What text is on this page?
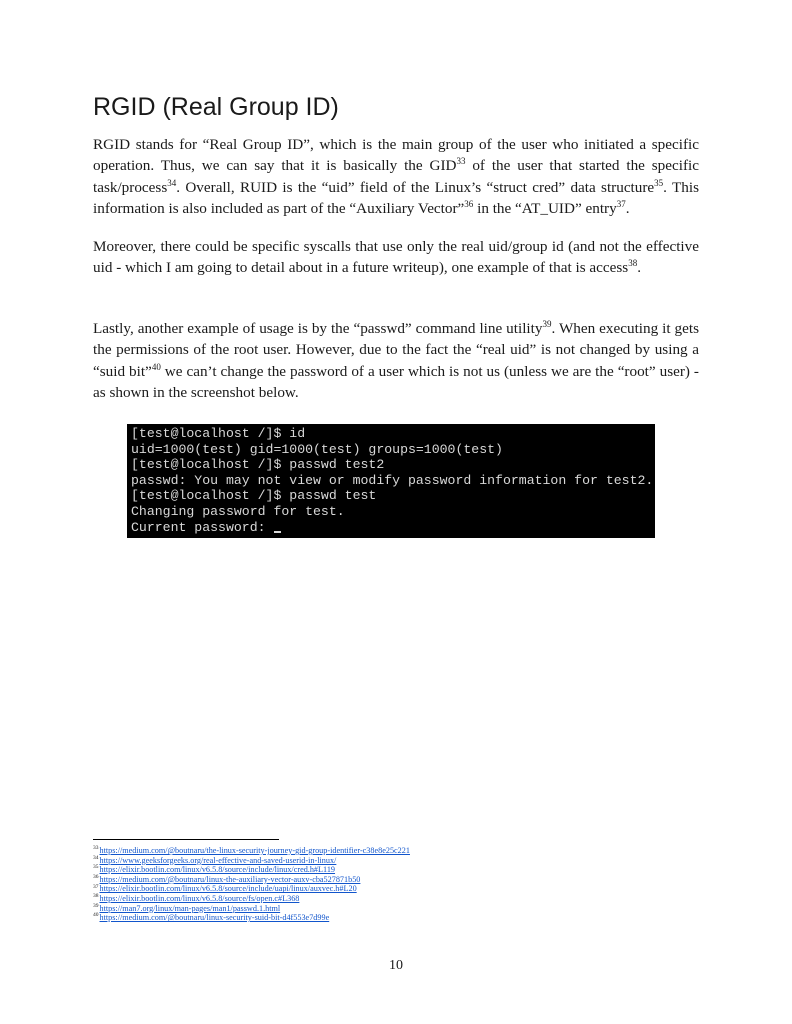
RGID (Real Group ID)

RGID stands for “Real Group ID”, which is the main group of the user who initiated a specific operation. Thus, we can say that it is basically the GID$^{33}$ of the user that started the specific task/process$^{34}$. Overall, RUID is the “uid” field of the Linux’s “struct cred” data structure$^{35}$. This information is also included as part of the “Auxiliary Vector”$^{36}$ in the “AT_UID” entry$^{37}$.

Moreover, there could be specific syscalls that use only the real uid/group id (and not the effective uid - which I am going to detail about in a future writeup), one example of that is access$^{38}$.

Lastly, another example of usage is by the “passwd” command line utility$^{39}$. When executing it gets the permissions of the root user. However, due to the fact the “real uid” is not changed by using a “suid bit”$^{40}$ we can’t change the password of a user which is not us (unless we are the “root” user) - as shown in the screenshot below.

[test@localhost /]$ id
uid=1000(test) gid=1000(test) groups=1000(test)
[test@localhost /]$ passwd test2
passwd: You may not view or modify password information for test2.
[test@localhost /]$ passwd test
Changing password for test.
Current password:
$^{33}$https://medium.com/@boutnaru/the-linux-security-journey-gid-group-identifier-c38e8e25c221
$^{34}$https://www.geeksforgeeks.org/real-effective-and-saved-userid-in-linux/
$^{35}$https://elixir.bootlin.com/linux/v6.5.8/source/include/linux/cred.h#L119
$^{36}$https://medium.com/@boutnaru/linux-the-auxiliary-vector-auxv-cba527871b50
$^{37}$https://elixir.bootlin.com/linux/v6.5.8/source/include/uapi/linux/auxvec.h#L20
$^{38}$https://elixir.bootlin.com/linux/v6.5.8/source/fs/open.c#L368
$^{39}$https://man7.org/linux/man-pages/man1/passwd.1.html
$^{40}$https://medium.com/@boutnaru/linux-security-suid-bit-d4f553e7d99e
10
